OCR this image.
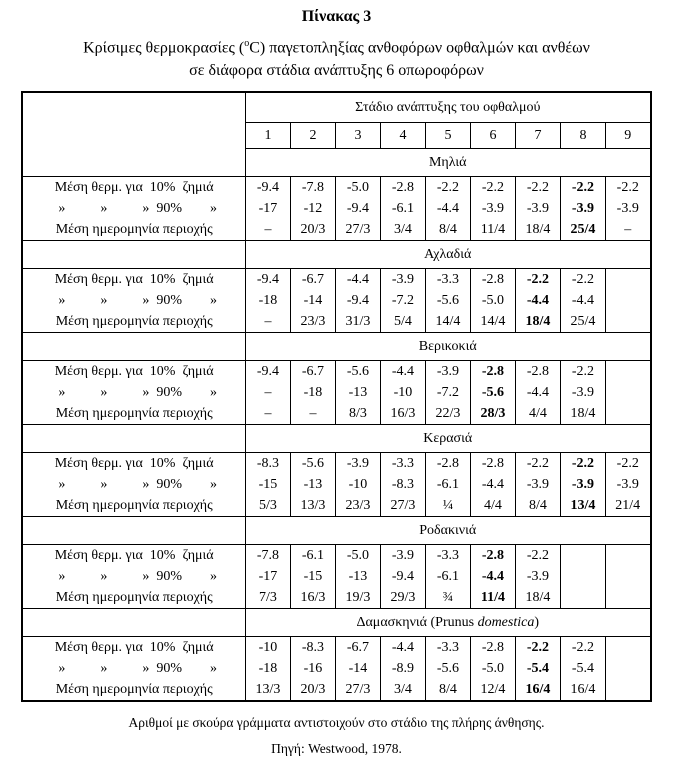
Πίνακας 3
Κρίσιμες θερμοκρασίες ($^o$C) παγετοπληξίας ανθοφόρων οφθαλμών και ανθέων
σε διάφορα στάδια ανάπτυξης 6 οπωροφόρων
	Στάδιο ανάπτυξης του οφθαλμού								
	1	2	3	4	5	6	7	8	9
	Μηλιά								
Μέση θερμ. για  10%  ζημιά	-9.4	-7.8	-5.0	-2.8	-2.2	-2.2	-2.2	-2.2	-2.2
»          »          »  90%        »	-17	-12	-9.4	-6.1	-4.4	-3.9	-3.9	-3.9	-3.9
Μέση ημερομηνία περιοχής	–	20/3	27/3	3/4	8/4	11/4	18/4	25/4	–
	Αχλαδιά								
Μέση θερμ. για  10%  ζημιά	-9.4	-6.7	-4.4	-3.9	-3.3	-2.8	-2.2	-2.2	
»          »          »  90%        »	-18	-14	-9.4	-7.2	-5.6	-5.0	-4.4	-4.4	
Μέση ημερομηνία περιοχής	–	23/3	31/3	5/4	14/4	14/4	18/4	25/4	
	Βερικοκιά								
Μέση θερμ. για  10%  ζημιά	-9.4	-6.7	-5.6	-4.4	-3.9	-2.8	-2.8	-2.2	
»          »          »  90%        »	–	-18	-13	-10	-7.2	-5.6	-4.4	-3.9	
Μέση ημερομηνία περιοχής	–	–	8/3	16/3	22/3	28/3	4/4	18/4	
	Κερασιά								
Μέση θερμ. για  10%  ζημιά	-8.3	-5.6	-3.9	-3.3	-2.8	-2.8	-2.2	-2.2	-2.2
»          »          »  90%        »	-15	-13	-10	-8.3	-6.1	-4.4	-3.9	-3.9	-3.9
Μέση ημερομηνία περιοχής	5/3	13/3	23/3	27/3	¼	4/4	8/4	13/4	21/4
	Ροδακινιά								
Μέση θερμ. για  10%  ζημιά	-7.8	-6.1	-5.0	-3.9	-3.3	-2.8	-2.2		
»          »          »  90%        »	-17	-15	-13	-9.4	-6.1	-4.4	-3.9		
Μέση ημερομηνία περιοχής	7/3	16/3	19/3	29/3	¾	11/4	18/4		
	Δαμασκηνιά (Prunus domestica)								
Μέση θερμ. για  10%  ζημιά	-10	-8.3	-6.7	-4.4	-3.3	-2.8	-2.2	-2.2	
»          »          »  90%        »	-18	-16	-14	-8.9	-5.6	-5.0	-5.4	-5.4	
Μέση ημερομηνία περιοχής	13/3	20/3	27/3	3/4	8/4	12/4	16/4	16/4	
Αριθμοί με σκούρα γράμματα αντιστοιχούν στο στάδιο της πλήρης άνθησης.
Πηγή: Westwood, 1978.
